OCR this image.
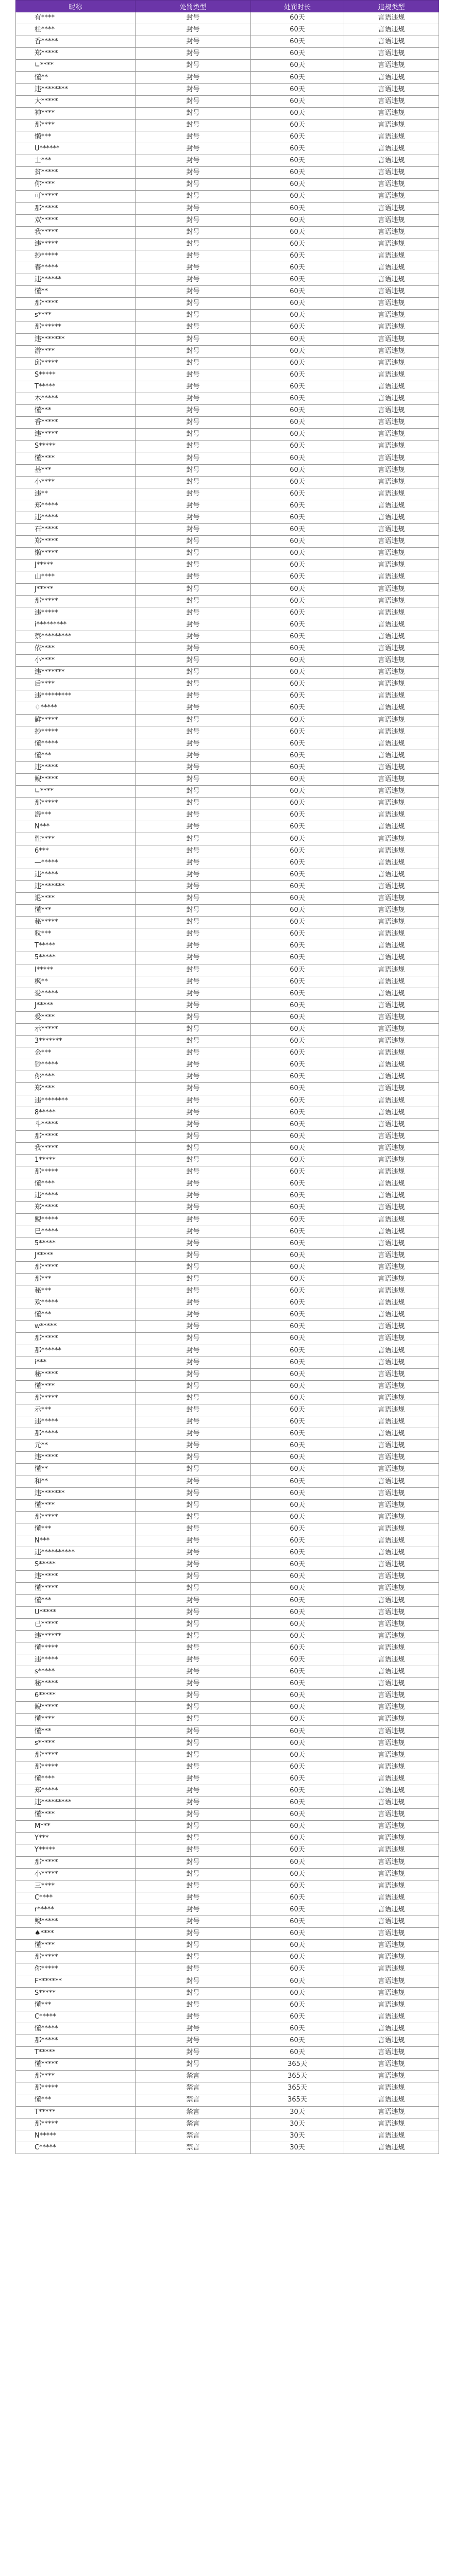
昵称	处罚类型	处罚时长	违规类型
有****	封号	60天	言语违规
柱****	封号	60天	言语违规
香*****	封号	60天	言语违规
郑*****	封号	60天	言语违规
∟****	封号	60天	言语违规
懂**	封号	60天	言语违规
违********	封号	60天	言语违规
大*****	封号	60天	言语违规
神****	封号	60天	言语违规
那****	封号	60天	言语违规
懒***	封号	60天	言语违规
U******	封号	60天	言语违规
士***	封号	60天	言语违规
贫*****	封号	60天	言语违规
你****	封号	60天	言语违规
可*****	封号	60天	言语违规
那*****	封号	60天	言语违规
双*****	封号	60天	言语违规
我*****	封号	60天	言语违规
违*****	封号	60天	言语违规
抄*****	封号	60天	言语违规
春*****	封号	60天	言语违规
违******	封号	60天	言语违规
懂**	封号	60天	言语违规
那*****	封号	60天	言语违规
s****	封号	60天	言语违规
那******	封号	60天	言语违规
违*******	封号	60天	言语违规
游****	封号	60天	言语违规
邱*****	封号	60天	言语违规
S*****	封号	60天	言语违规
T*****	封号	60天	言语违规
木*****	封号	60天	言语违规
懂***	封号	60天	言语违规
香*****	封号	60天	言语违规
违*****	封号	60天	言语违规
S*****	封号	60天	言语违规
懂****	封号	60天	言语违规
基***	封号	60天	言语违规
小****	封号	60天	言语违规
违**	封号	60天	言语违规
郑*****	封号	60天	言语违规
违*****	封号	60天	言语违规
石*****	封号	60天	言语违规
郑*****	封号	60天	言语违规
懒*****	封号	60天	言语违规
J*****	封号	60天	言语违规
山****	封号	60天	言语违规
J*****	封号	60天	言语违规
那*****	封号	60天	言语违规
违*****	封号	60天	言语违规
i*********	封号	60天	言语违规
蔡*********	封号	60天	言语违规
依****	封号	60天	言语违规
小****	封号	60天	言语违规
违*******	封号	60天	言语违规
后****	封号	60天	言语违规
违*********	封号	60天	言语违规
♢*****	封号	60天	言语违规
鲜*****	封号	60天	言语违规
抄*****	封号	60天	言语违规
懂*****	封号	60天	言语违规
懂***	封号	60天	言语违规
违*****	封号	60天	言语违规
鲵*****	封号	60天	言语违规
∟****	封号	60天	言语违规
那*****	封号	60天	言语违规
游***	封号	60天	言语违规
N***	封号	60天	言语违规
性****	封号	60天	言语违规
6***	封号	60天	言语违规
—*****	封号	60天	言语违规
违*****	封号	60天	言语违规
违*******	封号	60天	言语违规
退****	封号	60天	言语违规
懂***	封号	60天	言语违规
秘*****	封号	60天	言语违规
粒***	封号	60天	言语违规
T*****	封号	60天	言语违规
5*****	封号	60天	言语违规
I*****	封号	60天	言语违规
枫**	封号	60天	言语违规
爱*****	封号	60天	言语违规
J*****	封号	60天	言语违规
爱****	封号	60天	言语违规
示*****	封号	60天	言语违规
3*******	封号	60天	言语违规
金***	封号	60天	言语违规
钞*****	封号	60天	言语违规
你****	封号	60天	言语违规
郑****	封号	60天	言语违规
违********	封号	60天	言语违规
8*****	封号	60天	言语违规
斗*****	封号	60天	言语违规
那*****	封号	60天	言语违规
我*****	封号	60天	言语违规
1*****	封号	60天	言语违规
那*****	封号	60天	言语违规
懂****	封号	60天	言语违规
违*****	封号	60天	言语违规
郑*****	封号	60天	言语违规
鲵*****	封号	60天	言语违规
已*****	封号	60天	言语违规
5*****	封号	60天	言语违规
J*****	封号	60天	言语违规
那*****	封号	60天	言语违规
那***	封号	60天	言语违规
秘***	封号	60天	言语违规
欢*****	封号	60天	言语违规
懂***	封号	60天	言语违规
w*****	封号	60天	言语违规
那*****	封号	60天	言语违规
那******	封号	60天	言语违规
i***	封号	60天	言语违规
秘*****	封号	60天	言语违规
懂****	封号	60天	言语违规
那*****	封号	60天	言语违规
示***	封号	60天	言语违规
违*****	封号	60天	言语违规
那*****	封号	60天	言语违规
元**	封号	60天	言语违规
违*****	封号	60天	言语违规
懂**	封号	60天	言语违规
和**	封号	60天	言语违规
违*******	封号	60天	言语违规
懂****	封号	60天	言语违规
那*****	封号	60天	言语违规
懂***	封号	60天	言语违规
N***	封号	60天	言语违规
违**********	封号	60天	言语违规
S*****	封号	60天	言语违规
违*****	封号	60天	言语违规
懂*****	封号	60天	言语违规
懂***	封号	60天	言语违规
U*****	封号	60天	言语违规
已*****	封号	60天	言语违规
违******	封号	60天	言语违规
懂*****	封号	60天	言语违规
违*****	封号	60天	言语违规
s*****	封号	60天	言语违规
秘*****	封号	60天	言语违规
6*****	封号	60天	言语违规
鲵*****	封号	60天	言语违规
懂****	封号	60天	言语违规
懂***	封号	60天	言语违规
s*****	封号	60天	言语违规
那*****	封号	60天	言语违规
那*****	封号	60天	言语违规
懂****	封号	60天	言语违规
郑*****	封号	60天	言语违规
违*********	封号	60天	言语违规
懂****	封号	60天	言语违规
M***	封号	60天	言语违规
Y***	封号	60天	言语违规
Y*****	封号	60天	言语违规
那*****	封号	60天	言语违规
小*****	封号	60天	言语违规
三****	封号	60天	言语违规
C****	封号	60天	言语违规
r*****	封号	60天	言语违规
鲵*****	封号	60天	言语违规
♠****	封号	60天	言语违规
懂****	封号	60天	言语违规
那*****	封号	60天	言语违规
你*****	封号	60天	言语违规
F*******	封号	60天	言语违规
S*****	封号	60天	言语违规
懂***	封号	60天	言语违规
C*****	封号	60天	言语违规
懂*****	封号	60天	言语违规
那*****	封号	60天	言语违规
T*****	封号	60天	言语违规
懂*****	封号	365天	言语违规
那****	禁言	365天	言语违规
那*****	禁言	365天	言语违规
懂***	禁言	365天	言语违规
T*****	禁言	30天	言语违规
那*****	禁言	30天	言语违规
N*****	禁言	30天	言语违规
C*****	禁言	30天	言语违规
